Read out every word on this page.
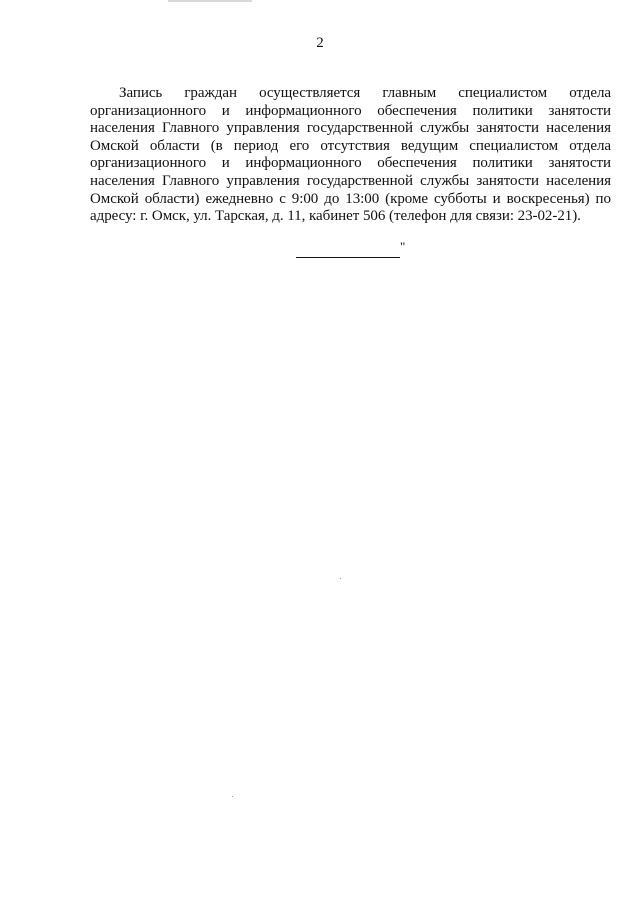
2

Запись граждан осуществляется главным специалистом отдела организационного и информационного обеспечения политики занятости населения Главного управления государственной службы занятости населения Омской области (в период его отсутствия ведущим специалистом отдела организационного и информационного обеспечения политики занятости населения Главного управления государственной службы занятости населения Омской области) ежедневно с 9:00 до 13:00 (кроме субботы и воскресенья) по адресу: г. Омск, ул. Тарская, д. 11, кабинет 506 (телефон для связи: 23-02-21).

"
